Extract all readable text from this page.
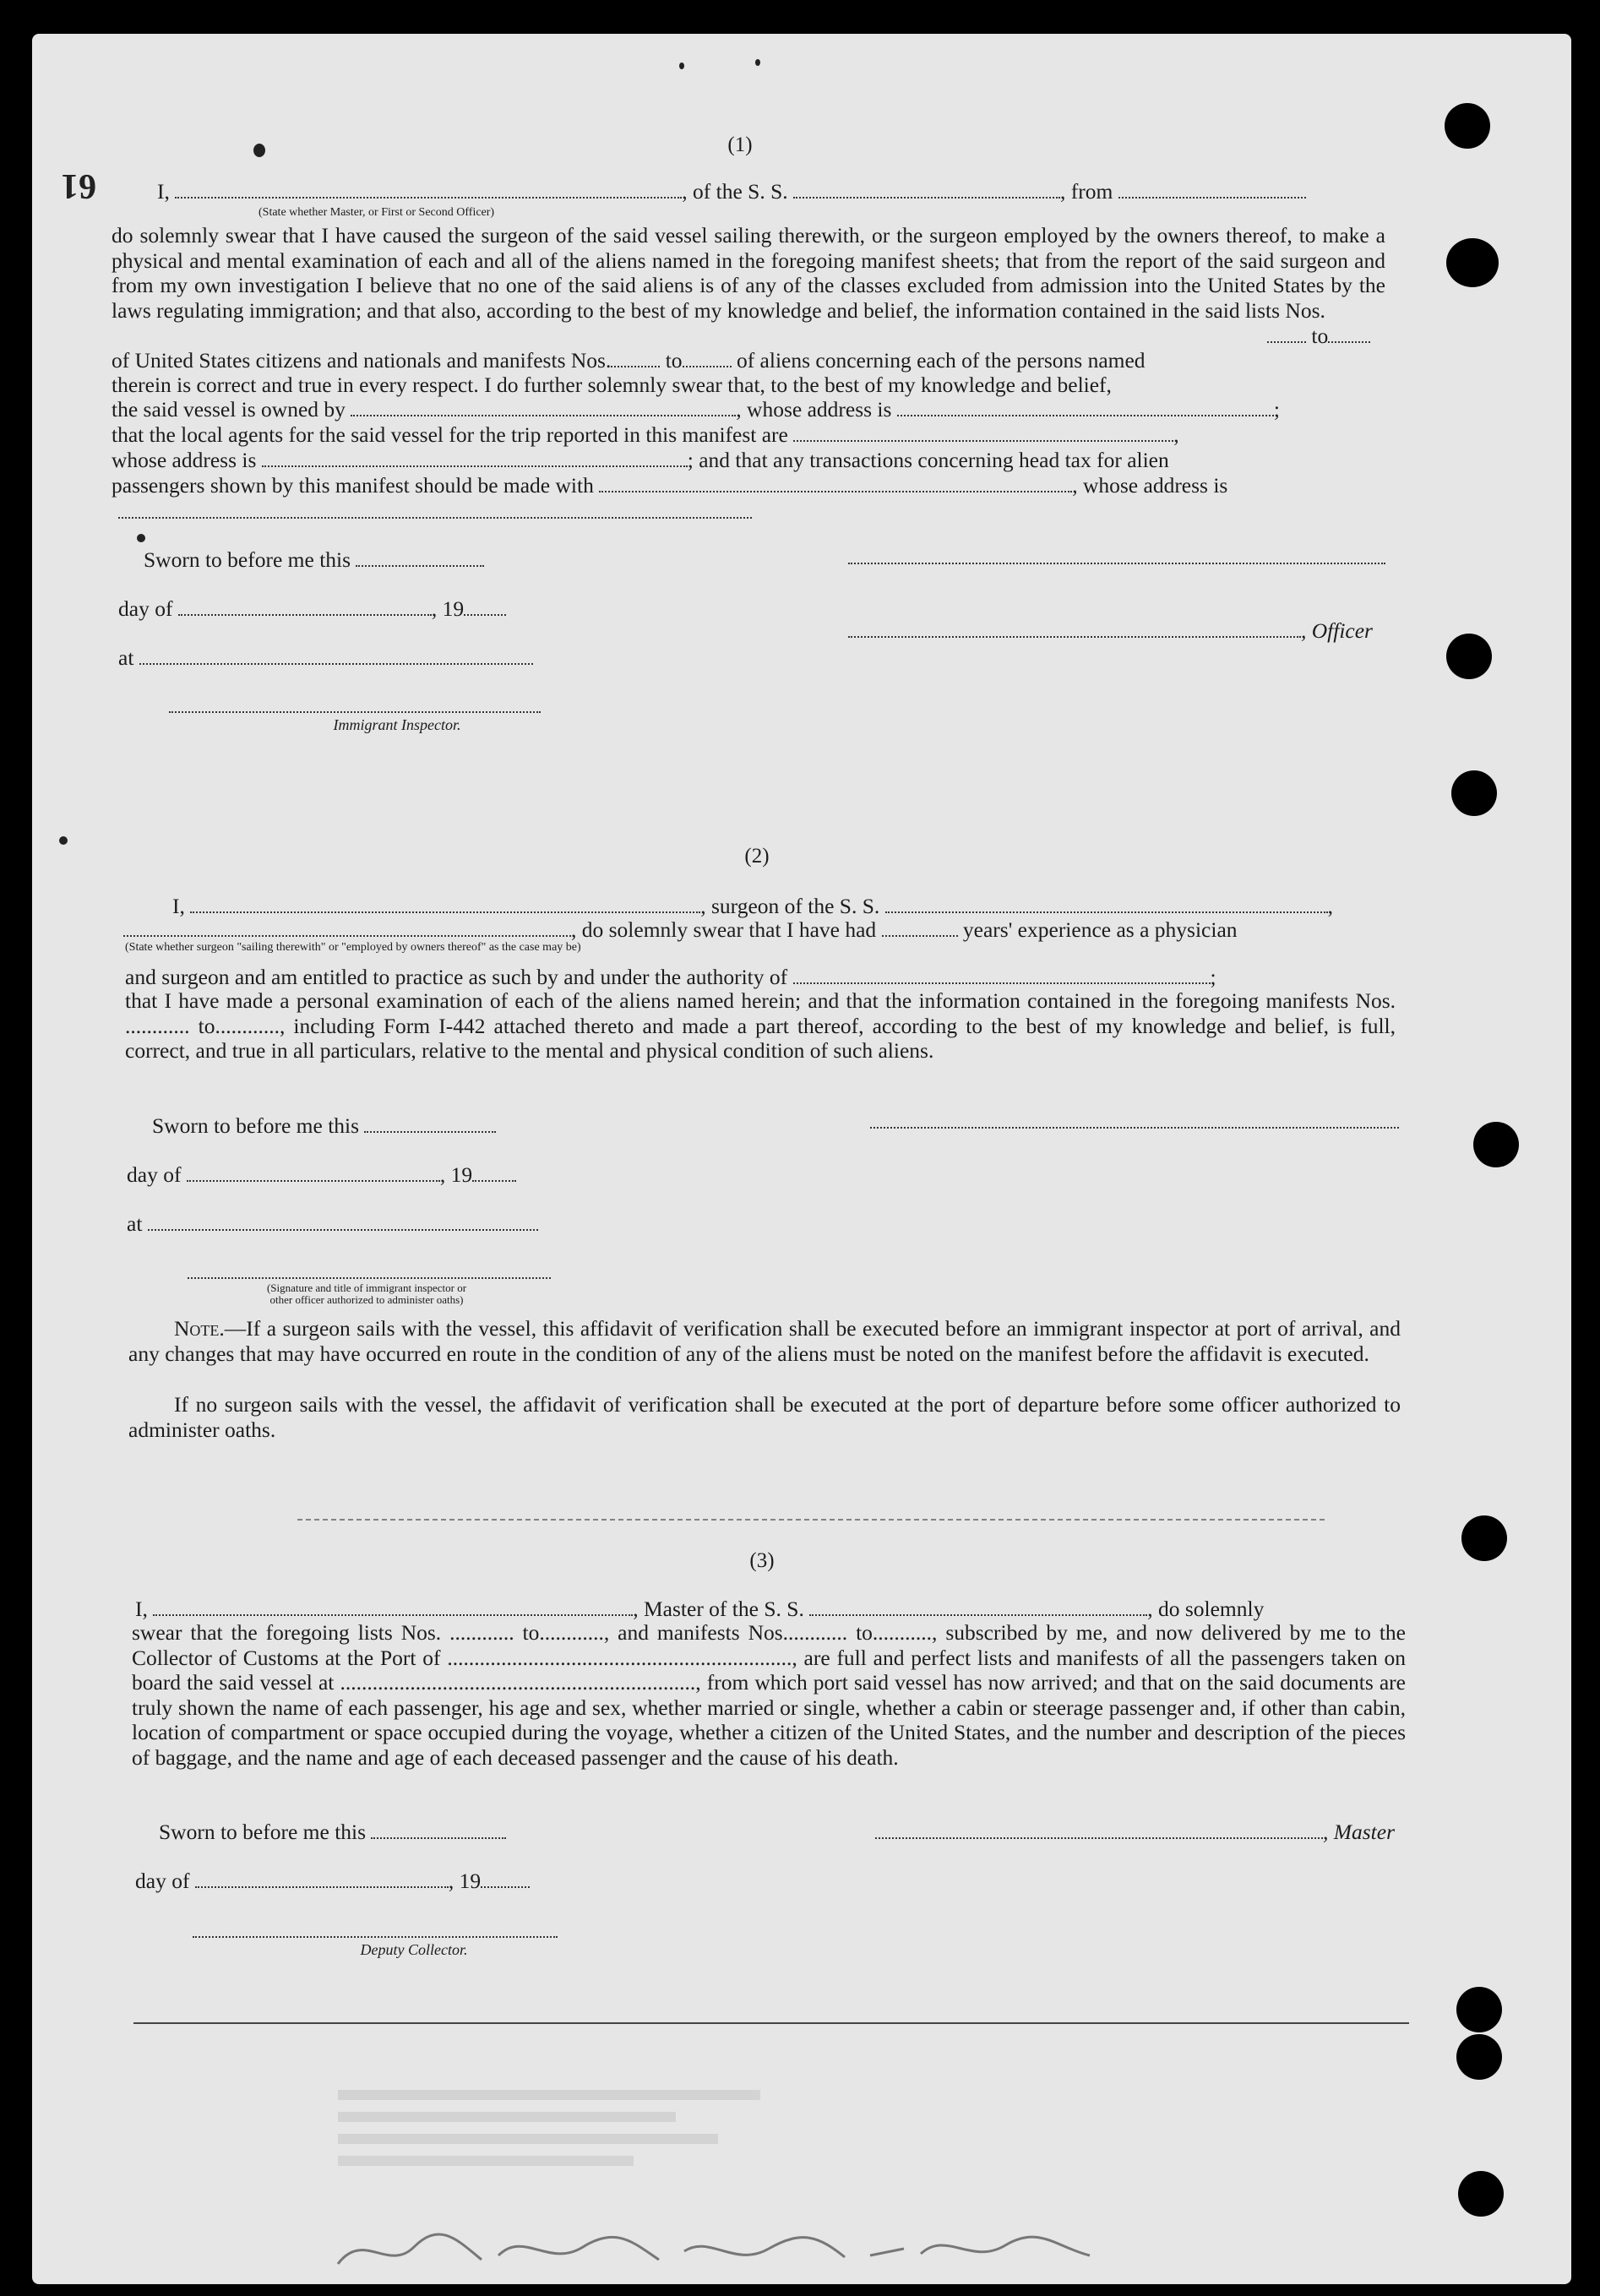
61
(1)
I,	, of the S. S.	, from
(State whether Master, or First or Second Officer)
do solemnly swear that I have caused the surgeon of the said vessel sailing therewith, or the surgeon employed by the owners thereof, to make a physical and mental examination of each and all of the aliens named in the foregoing manifest sheets; that from the report of the said surgeon and from my own investigation I believe that no one of the said aliens is of any of the classes excluded from admission into the United States by the laws regulating immigration; and that also, according to the best of my knowledge and belief, the information contained in the said lists Nos.
to
of United States citizens and nationals and manifests Nos.	to	of aliens concerning each of the persons named
therein is correct and true in every respect. I do further solemnly swear that, to the best of my knowledge and belief,
the said vessel is owned by	, whose address is	;
that the local agents for the said vessel for the trip reported in this manifest are	,
whose address is	; and that any transactions concerning head tax for alien
passengers shown by this manifest should be made with	, whose address is
Sworn to before me this
day of	, 19
, Officer
at
Immigrant Inspector.
(2)
I,	, surgeon of the S. S.	,
, do solemnly swear that I have had	years' experience as a physician
(State whether surgeon "sailing therewith" or "employed by owners thereof" as the case may be)
and surgeon and am entitled to practice as such by and under the authority of	;
that I have made a personal examination of each of the aliens named herein; and that the information contained in the foregoing manifests Nos. ............ to............, including Form I-442 attached thereto and made a part thereof, according to the best of my knowledge and belief, is full, correct, and true in all particulars, relative to the mental and physical condition of such aliens.
Sworn to before me this
day of	, 19
at
(Signature and title of immigrant inspector or
other officer authorized to administer oaths)
Note.—If a surgeon sails with the vessel, this affidavit of verification shall be executed before an immigrant inspector at port of arrival, and any changes that may have occurred en route in the condition of any of the aliens must be noted on the manifest before the affidavit is executed.
If no surgeon sails with the vessel, the affidavit of verification shall be executed at the port of departure before some officer authorized to administer oaths.
(3)
I,	, Master of the S. S.	, do solemnly
swear that the foregoing lists Nos. ............ to............, and manifests Nos............ to..........., subscribed by me, and now delivered by me to the Collector of Customs at the Port of ................................................................, are full and perfect lists and manifests of all the passengers taken on board the said vessel at .................................................................., from which port said vessel has now arrived; and that on the said documents are truly shown the name of each passenger, his age and sex, whether married or single, whether a cabin or steerage passenger and, if other than cabin, location of compartment or space occupied during the voyage, whether a citizen of the United States, and the number and description of the pieces of baggage, and the name and age of each deceased passenger and the cause of his death.
Sworn to before me this	, Master
day of	, 19
Deputy Collector.
